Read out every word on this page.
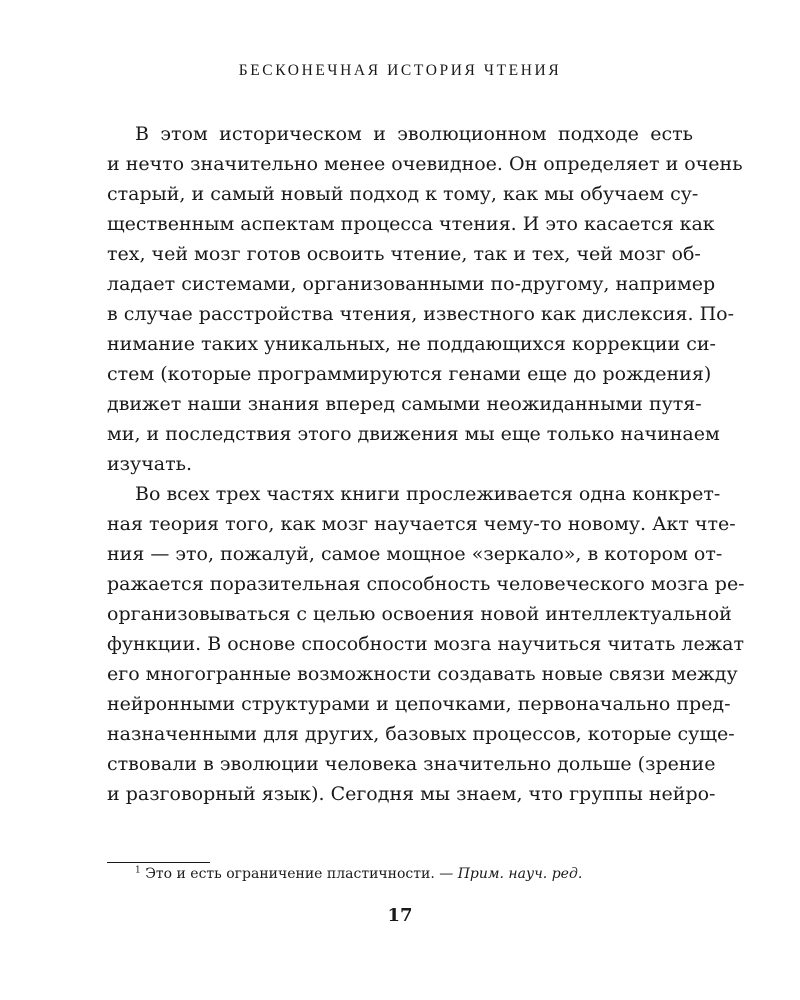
БЕСКОНЕЧНАЯ ИСТОРИЯ ЧТЕНИЯ
В этом историческом и эволюционном подходе есть
и нечто значительно менее очевидное. Он определяет и очень
старый, и самый новый подход к тому, как мы обучаем су-
щественным аспектам процесса чтения. И это касается как
тех, чей мозг готов освоить чтение, так и тех, чей мозг об-
ладает системами, организованными по-другому, например
в случае расстройства чтения, известного как дислексия. По-
нимание таких уникальных, не поддающихся коррекции си-
стем (которые программируются генами еще до рождения)
движет наши знания вперед самыми неожиданными путя-
ми, и последствия этого движения мы еще только начинаем
изучать.
Во всех трех частях книги прослеживается одна конкрет-
ная теория того, как мозг научается чему-то новому. Акт чте-
ния — это, пожалуй, самое мощное «зеркало», в котором от-
ражается поразительная способность человеческого мозга ре-
организовываться с целью освоения новой интеллектуальной
функции. В основе способности мозга научиться читать лежат
его многогранные возможности создавать новые связи между
нейронными структурами и цепочками, первоначально пред-
назначенными для других, базовых процессов, которые суще-
ствовали в эволюции человека значительно дольше (зрение
и разговорный язык). Сегодня мы знаем, что группы нейро-
$^1$ Это и есть ограничение пластичности. — Прим. науч. ред.
17
